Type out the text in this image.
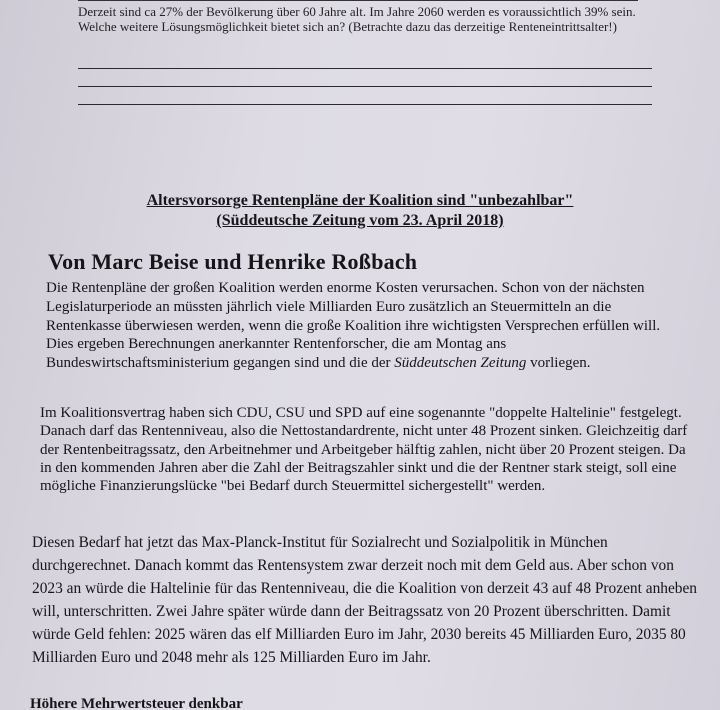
Derzeit sind ca 27% der Bevölkerung über 60 Jahre alt. Im Jahre 2060 werden es voraussichtlich 39% sein. Welche weitere Lösungsmöglichkeit bietet sich an? (Betrachte dazu das derzeitige Renteneintrittsalter!)
Altersvorsorge Rentenpläne der Koalition sind "unbezahlbar"
(Süddeutsche Zeitung vom 23. April 2018)
Von Marc Beise und Henrike Roßbach
Die Rentenpläne der großen Koalition werden enorme Kosten verursachen. Schon von der nächsten Legislaturperiode an müssten jährlich viele Milliarden Euro zusätzlich an Steuermitteln an die Rentenkasse überwiesen werden, wenn die große Koalition ihre wichtigsten Versprechen erfüllen will. Dies ergeben Berechnungen anerkannter Rentenforscher, die am Montag ans Bundeswirtschaftsministerium gegangen sind und die der Süddeutschen Zeitung vorliegen.
Im Koalitionsvertrag haben sich CDU, CSU und SPD auf eine sogenannte "doppelte Haltelinie" festgelegt. Danach darf das Rentenniveau, also die Nettostandardrente, nicht unter 48 Prozent sinken. Gleichzeitig darf der Rentenbeitragssatz, den Arbeitnehmer und Arbeitgeber hälftig zahlen, nicht über 20 Prozent steigen. Da in den kommenden Jahren aber die Zahl der Beitragszahler sinkt und die der Rentner stark steigt, soll eine mögliche Finanzierungslücke "bei Bedarf durch Steuermittel sichergestellt" werden.
Diesen Bedarf hat jetzt das Max-Planck-Institut für Sozialrecht und Sozialpolitik in München durchgerechnet. Danach kommt das Rentensystem zwar derzeit noch mit dem Geld aus. Aber schon von 2023 an würde die Haltelinie für das Rentenniveau, die die Koalition von derzeit 43 auf 48 Prozent anheben will, unterschritten. Zwei Jahre später würde dann der Beitragssatz von 20 Prozent überschritten. Damit würde Geld fehlen: 2025 wären das elf Milliarden Euro im Jahr, 2030 bereits 45 Milliarden Euro, 2035 80 Milliarden Euro und 2048 mehr als 125 Milliarden Euro im Jahr.
Höhere Mehrwertsteuer denkbar
